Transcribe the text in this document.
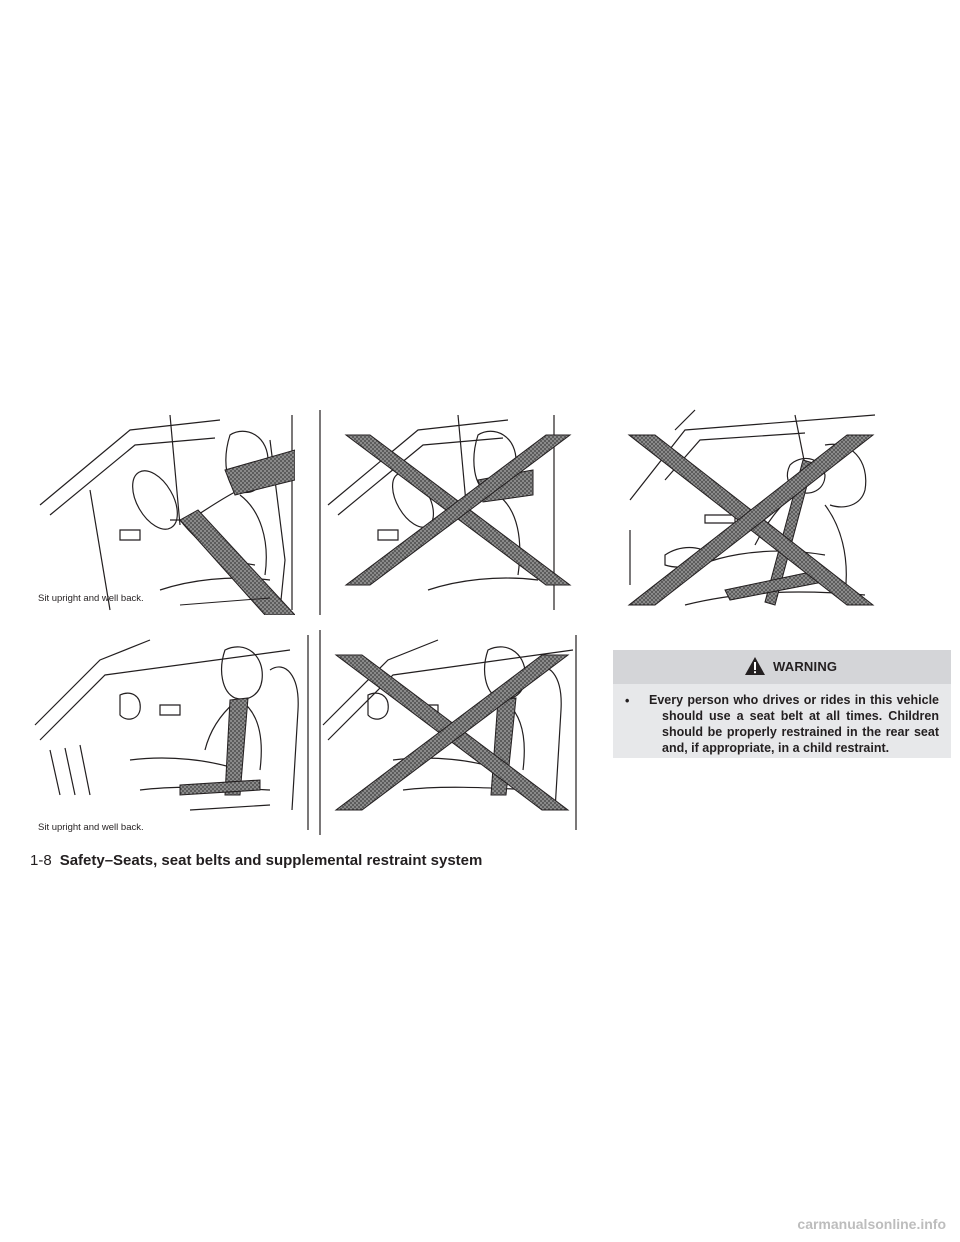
Sit upright and well back.
Sit upright and well back.
WARNING
• Every person who drives or rides in this vehicle should use a seat belt at all times. Children should be properly restrained in the rear seat and, if appropriate, in a child restraint.
1-8 Safety–Seats, seat belts and supplemental restraint system
carmanualsonline.info
